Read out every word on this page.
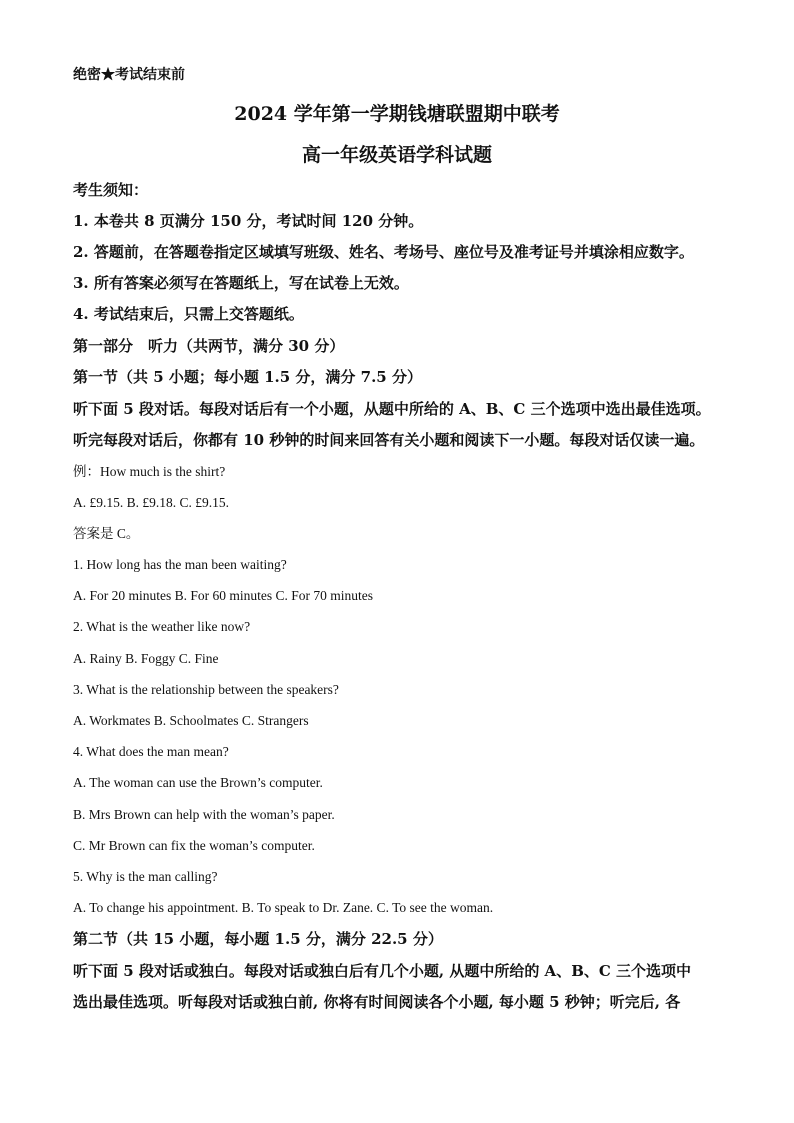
绝密★考试结束前
2024 学年第一学期钱塘联盟期中联考
高一年级英语学科试题
考生须知：
1. 本卷共 8 页满分 150 分，考试时间 120 分钟。
2. 答题前，在答题卷指定区域填写班级、姓名、考场号、座位号及准考证号并填涂相应数字。
3. 所有答案必须写在答题纸上，写在试卷上无效。
4. 考试结束后，只需上交答题纸。
第一部分　听力（共两节，满分 30 分）
第一节（共 5 小题；每小题 1.5 分，满分 7.5 分）
听下面 5 段对话。每段对话后有一个小题，从题中所给的 A、B、C 三个选项中选出最佳选项。
听完每段对话后，你都有 10 秒钟的时间来回答有关小题和阅读下一小题。每段对话仅读一遍。
例：How much is the shirt?
A. £9.15. B. £9.18. C. £9.15.
答案是 C。
1. How long has the man been waiting?
A. For 20 minutes B. For 60 minutes C. For 70 minutes
2. What is the weather like now?
A. Rainy B. Foggy C. Fine
3. What is the relationship between the speakers?
A. Workmates B. Schoolmates C. Strangers
4. What does the man mean?
A. The woman can use the Brown’s computer.
B. Mrs Brown can help with the woman’s paper.
C. Mr Brown can fix the woman’s computer.
5. Why is the man calling?
A. To change his appointment. B. To speak to Dr. Zane. C. To see the woman.
第二节（共 15 小题，每小题 1.5 分，满分 22.5 分）
听下面 5 段对话或独白。每段对话或独白后有几个小题, 从题中所给的 A、B、C 三个选项中
选出最佳选项。听每段对话或独白前, 你将有时间阅读各个小题, 每小题 5 秒钟；听完后, 各
